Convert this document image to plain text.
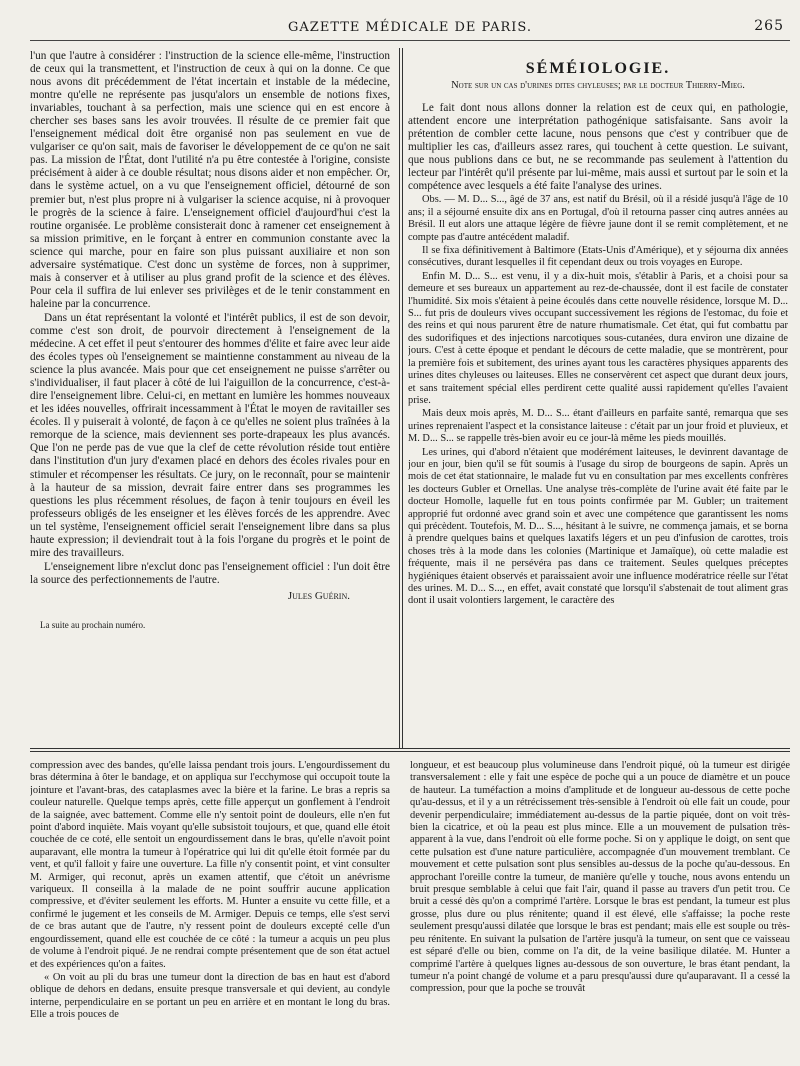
GAZETTE MÉDICALE DE PARIS.	265

l'un que l'autre à considérer : l'instruction de la science elle-même, l'instruction de ceux qui la transmettent, et l'instruction de ceux à qui on la donne. Ce que nous avons dit précédemment de l'état incertain et instable de la médecine, montre qu'elle ne représente pas jusqu'alors un ensemble de notions fixes, invariables, touchant à sa perfection, mais une science qui en est encore à chercher ses bases sans les avoir trouvées. Il résulte de ce premier fait que l'enseignement médical doit être organisé non pas seulement en vue de vulgariser ce qu'on sait, mais de favoriser le développement de ce qu'on ne sait pas. La mission de l'État, dont l'utilité n'a pu être contestée à l'origine, consiste précisément à aider à ce double résultat; nous disons aider et non empêcher. Or, dans le système actuel, on a vu que l'enseignement officiel, détourné de son premier but, n'est plus propre ni à vulgariser la science acquise, ni à provoquer le progrès de la science à faire. L'enseignement officiel d'aujourd'hui c'est la routine organisée. Le problème consisterait donc à ramener cet enseignement à sa mission primitive, en le forçant à entrer en communion constante avec la science qui marche, pour en faire son plus puissant auxiliaire et non son adversaire systématique. C'est donc un système de forces, non à supprimer, mais à conserver et à utiliser au plus grand profit de la science et des élèves. Pour cela il suffira de lui enlever ses privilèges et de le tenir constamment en haleine par la concurrence.

Dans un état représentant la volonté et l'intérêt publics, il est de son devoir, comme c'est son droit, de pourvoir directement à l'enseignement de la médecine. A cet effet il peut s'entourer des hommes d'élite et faire avec leur aide des écoles types où l'enseignement se maintienne constamment au niveau de la science la plus avancée. Mais pour que cet enseignement ne puisse s'arrêter ou s'individualiser, il faut placer à côté de lui l'aiguillon de la concurrence, c'est-à-dire l'enseignement libre. Celui-ci, en mettant en lumière les hommes nouveaux et les idées nouvelles, offrirait incessamment à l'État le moyen de ravitailler ses écoles. Il y puiserait à volonté, de façon à ce qu'elles ne soient plus traînées à la remorque de la science, mais deviennent ses porte-drapeaux les plus avancés. Que l'on ne perde pas de vue que la clef de cette révolution réside tout entière dans l'institution d'un jury d'examen placé en dehors des écoles rivales pour en stimuler et récompenser les résultats. Ce jury, on le reconnaît, pour se maintenir à la hauteur de sa mission, devrait faire entrer dans ses programmes les questions les plus récemment résolues, de façon à tenir toujours en éveil les professeurs obligés de les enseigner et les élèves forcés de les apprendre. Avec un tel système, l'enseignement officiel serait l'enseignement libre dans sa plus haute expression; il deviendrait tout à la fois l'organe du progrès et le point de mire des travailleurs.

L'enseignement libre n'exclut donc pas l'enseignement officiel : l'un doit être la source des perfectionnements de l'autre.

Jules Guérin.
La suite au prochain numéro.
SÉMÉIOLOGIE.
Note sur un cas d'urines dites chyleuses; par le docteur Thierry-Mieg.

Le fait dont nous allons donner la relation est de ceux qui, en pathologie, attendent encore une interprétation pathogénique satisfaisante. Sans avoir la prétention de combler cette lacune, nous pensons que c'est y contribuer que de multiplier les cas, d'ailleurs assez rares, qui touchent à cette question. Le suivant, que nous publions dans ce but, ne se recommande pas seulement à l'attention du lecteur par l'intérêt qu'il présente par lui-même, mais aussi et surtout par le soin et la compétence avec lesquels a été faite l'analyse des urines.

Obs. — M. D... S..., âgé de 37 ans, est natif du Brésil, où il a résidé jusqu'à l'âge de 10 ans; il a séjourné ensuite dix ans en Portugal, d'où il retourna passer cinq autres années au Brésil. Il eut alors une attaque légère de fièvre jaune dont il se remit complètement, et ne compte pas d'autre antécédent maladif.

Il se fixa définitivement à Baltimore (Etats-Unis d'Amérique), et y séjourna dix années consécutives, durant lesquelles il fit cependant deux ou trois voyages en Europe.

Enfin M. D... S... est venu, il y a dix-huit mois, s'établir à Paris, et a choisi pour sa demeure et ses bureaux un appartement au rez-de-chaussée, dont il est facile de constater l'humidité. Six mois s'étaient à peine écoulés dans cette nouvelle résidence, lorsque M. D... S... fut pris de douleurs vives occupant successivement les régions de l'estomac, du foie et des reins et qui nous parurent être de nature rhumatismale. Cet état, qui fut combattu par des sudorifiques et des injections narcotiques sous-cutanées, dura environ une dizaine de jours. C'est à cette époque et pendant le décours de cette maladie, que se montrèrent, pour la première fois et subitement, des urines ayant tous les caractères physiques apparents des urines dites chyleuses ou laiteuses. Elles ne conservèrent cet aspect que durant deux jours, et sans traitement spécial elles perdirent cette qualité aussi rapidement qu'elles l'avaient prise.

Mais deux mois après, M. D... S... étant d'ailleurs en parfaite santé, remarqua que ses urines reprenaient l'aspect et la consistance laiteuse : c'était par un jour froid et pluvieux, et M. D... S... se rappelle très-bien avoir eu ce jour-là même les pieds mouillés.

Les urines, qui d'abord n'étaient que modérément laiteuses, le devinrent davantage de jour en jour, bien qu'il se fût soumis à l'usage du sirop de bourgeons de sapin. Après un mois de cet état stationnaire, le malade fut vu en consultation par mes excellents confrères les docteurs Gubler et Ornellas. Une analyse très-complète de l'urine avait été faite par le docteur Homolle, laquelle fut en tous points confirmée par M. Gubler; un traitement approprié fut ordonné avec grand soin et avec une compétence que garantissent les noms qui précèdent. Toutefois, M. D... S..., hésitant à le suivre, ne commença jamais, et se borna à prendre quelques bains et quelques laxatifs légers et un peu d'infusion de carottes, trois choses très à la mode dans les colonies (Martinique et Jamaïque), où cette maladie est fréquente, mais il ne persévéra pas dans ce traitement. Seules quelques préceptes hygiéniques étaient observés et paraissaient avoir une influence modératrice réelle sur l'état des urines. M. D... S..., en effet, avait constaté que lorsqu'il s'abstenait de tout aliment gras dont il usait volontiers largement, le caractère des

compression avec des bandes, qu'elle laissa pendant trois jours. L'engourdissement du bras détermina à ôter le bandage, et on appliqua sur l'ecchymose qui occupoit toute la jointure et l'avant-bras, des cataplasmes avec la bière et la farine. Le bras a repris sa couleur naturelle. Quelque temps après, cette fille apperçut un gonflement à l'endroit de la saignée, avec battement. Comme elle n'y sentoit point de douleurs, elle n'en fut point d'abord inquiète. Mais voyant qu'elle subsistoit toujours, et que, quand elle étoit couchée de ce coté, elle sentoit un engourdissement dans le bras, qu'elle n'avoit point auparavant, elle montra la tumeur à l'opératrice qui lui dit qu'elle étoit formée par du vent, et qu'il falloit y faire une ouverture. La fille n'y consentit point, et vint consulter M. Armiger, qui reconut, après un examen attentif, que c'étoit un anévrisme variqueux. Il conseilla à la malade de ne point souffrir aucune application compressive, et d'éviter seulement les efforts. M. Hunter a ensuite vu cette fille, et a confirmé le jugement et les conseils de M. Armiger. Depuis ce temps, elle s'est servi de ce bras autant que de l'autre, n'y ressent point de douleurs excepté celle d'un engourdissement, quand elle est couchée de ce côté : la tumeur a acquis un peu plus de volume à l'endroit piqué. Je ne rendrai compte présentement que de son état actuel et des expériences qu'on a faites.

« On voit au pli du bras une tumeur dont la direction de bas en haut est d'abord oblique de dehors en dedans, ensuite presque transversale et qui devient, au condyle interne, perpendiculaire en se portant un peu en arrière et en montant le long du bras. Elle a trois pouces de

longueur, et est beaucoup plus volumineuse dans l'endroit piqué, où la tumeur est dirigée transversalement : elle y fait une espèce de poche qui a un pouce de diamètre et un pouce de hauteur. La tuméfaction a moins d'amplitude et de longueur au-dessous de cette poche qu'au-dessus, et il y a un rétrécissement très-sensible à l'endroit où elle fait un coude, pour devenir perpendiculaire; immédiatement au-dessus de la partie piquée, dont on voit très-bien la cicatrice, et où la peau est plus mince. Elle a un mouvement de pulsation très-apparent à la vue, dans l'endroit où elle forme poche. Si on y applique le doigt, on sent que cette pulsation est d'une nature particulière, accompagnée d'un mouvement tremblant. Ce mouvement et cette pulsation sont plus sensibles au-dessus de la poche qu'au-dessous. En approchant l'oreille contre la tumeur, de manière qu'elle y touche, nous avons entendu un bruit presque semblable à celui que fait l'air, quand il passe au travers d'un petit trou. Ce bruit a cessé dès qu'on a comprimé l'artère. Lorsque le bras est pendant, la tumeur est plus grosse, plus dure ou plus rénitente; quand il est élevé, elle s'affaisse; la poche reste seulement presqu'aussi dilatée que lorsque le bras est pendant; mais elle est souple ou très-peu rénitente. En suivant la pulsation de l'artère jusqu'à la tumeur, on sent que ce vaisseau est séparé d'elle ou bien, comme on l'a dit, de la veine basilique dilatée. M. Hunter a comprimé l'artère à quelques lignes au-dessous de son ouverture, le bras étant pendant, la tumeur n'a point changé de volume et a paru presqu'aussi dure qu'auparavant. Il a cessé la compression, pour que la poche se trouvât
